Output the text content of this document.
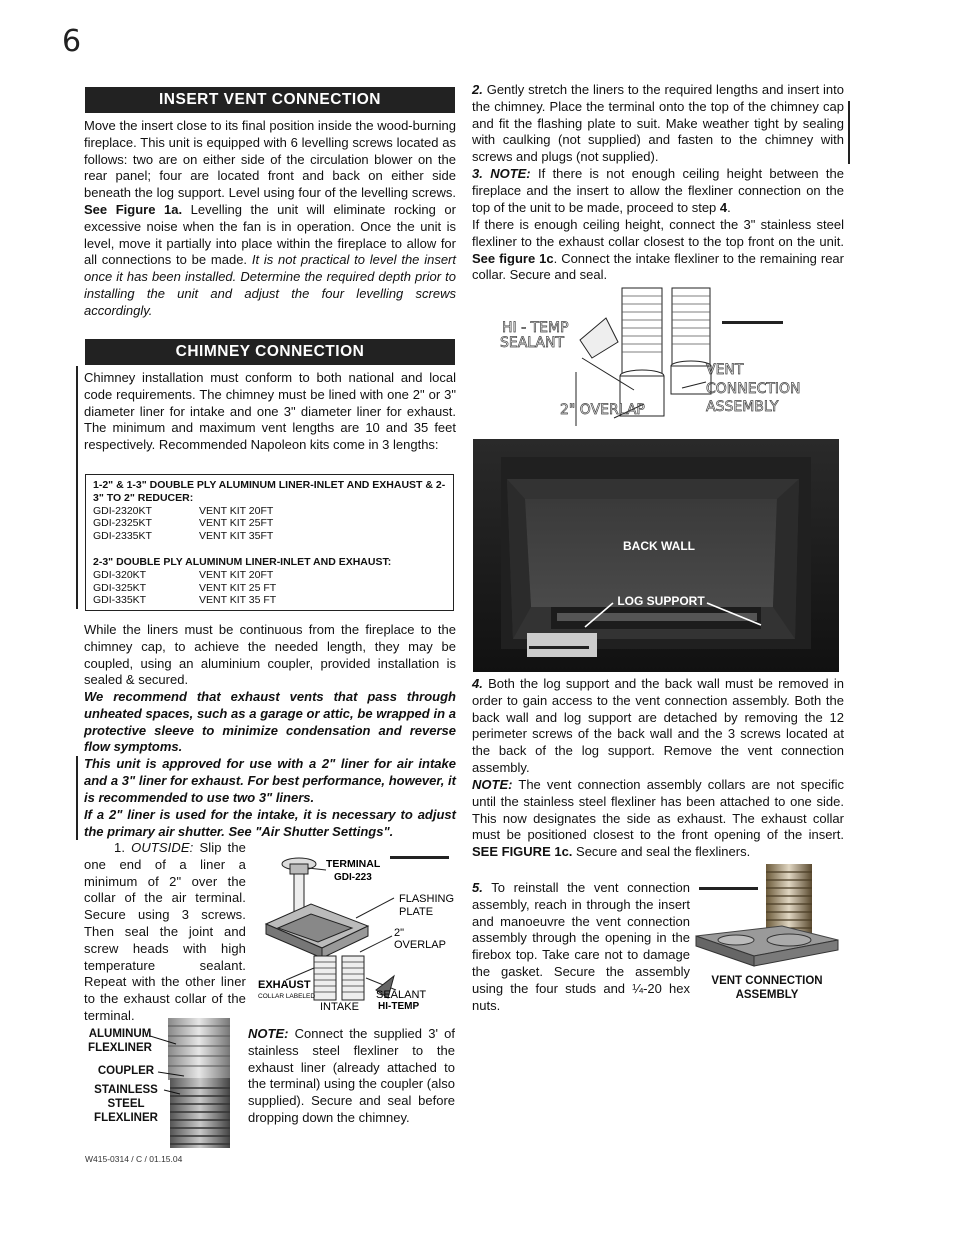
6
INSERT VENT CONNECTION
Move the insert close to its final position inside the wood-burning fireplace. This unit is equipped with 6 levelling screws located as follows: two are on either side of the circulation blower on the rear panel; four are located front and back on either side beneath the log support. Level using four of the levelling screws. See Figure 1a. Levelling the unit will eliminate rocking or excessive noise when the fan is in operation. Once the unit is level, move it partially into place within the fireplace to allow for all connections to be made. It is not practical to level the insert once it has been installed. Determine the required depth prior to installing the unit and adjust the four levelling screws accordingly.
CHIMNEY CONNECTION
Chimney installation must conform to both national and local code requirements. The chimney must be lined with one 2" or 3" diameter liner for intake and one 3" diameter liner for exhaust. The minimum and maximum vent lengths are 10 and 35 feet respectively. Recommended Napoleon kits come in 3 lengths:
1-2" & 1-3" DOUBLE PLY ALUMINUM LINER-INLET AND EXHAUST & 2-3" TO 2" REDUCER:
GDI-2320KT	VENT KIT 20FT
GDI-2325KT	VENT KIT 25FT
GDI-2335KT	VENT KIT 35FT
2-3" DOUBLE PLY ALUMINUM LINER-INLET AND EXHAUST:
GDI-320KT	VENT KIT 20FT
GDI-325KT	VENT KIT 25 FT
GDI-335KT	VENT KIT 35 FT
While the liners must be continuous from the fireplace to the chimney cap, to achieve the needed length, they may be coupled, using an aluminium coupler, provided installation is sealed & secured.
We recommend that exhaust vents that pass through unheated spaces, such as a garage or attic, be wrapped in a protective sleeve to minimize condensation and reverse flow symptoms.
This unit is approved for use with a 2" liner for air intake and a 3" liner for exhaust. For best performance, however, it is recommended to use two 3" liners.
If a 2" liner is used for the intake, it is necessary to adjust the primary air shutter. See "Air Shutter Settings".
1. OUTSIDE: Slip the one end of a liner a minimum of 2" over the collar of the air terminal. Secure using 3 screws. Then seal the joint and screw heads with high temperature sealant. Repeat with the other liner to the exhaust collar of the terminal.
TERMINAL
GDI-223
FLASHING
PLATE
2"
OVERLAP
EXHAUST
COLLAR LABELED
INTAKE
SEALANT
HI-TEMP
ALUMINUM
FLEXLINER
COUPLER
STAINLESS
STEEL
FLEXLINER
NOTE: Connect the supplied 3' of stainless steel flexliner to the exhaust liner (already attached to the terminal) using the coupler (also supplied). Secure and seal before dropping down the chimney.
W415-0314 / C / 01.15.04
2. Gently stretch the liners to the required lengths and insert into the chimney. Place the terminal onto the top of the chimney cap and fit the flashing plate to suit. Make weather tight by sealing with caulking (not supplied) and fasten to the chimney with screws and plugs (not supplied).
3. NOTE: If there is not enough ceiling height between the fireplace and the insert to allow the flexliner connection on the top of the unit to be made, proceed to step 4.
If there is enough ceiling height, connect the 3" stainless steel flexliner to the exhaust collar closest to the top front on the unit. See figure 1c. Connect the intake flexliner to the remaining rear collar. Secure and seal.
HI - TEMP
SEALANT
2" OVERLAP
VENT
CONNECTION
ASSEMBLY
BACK WALL
LOG SUPPORT
4. Both the log support and the back wall must be removed in order to gain access to the vent connection assembly. Both the back wall and log support are detached by removing the 12 perimeter screws of the back wall and the 3 screws located at the back of the log support. Remove the vent connection assembly.
NOTE: The vent connection assembly collars are not specific until the stainless steel flexliner has been attached to one side. This now designates the side as exhaust. The exhaust collar must be positioned closest to the front opening of the insert. SEE FIGURE 1c. Secure and seal the flexliners.
5. To reinstall the vent connection assembly, reach in through the insert and manoeuvre the vent connection assembly through the opening in the firebox top. Take care not to damage the gasket. Secure the assembly using the four studs and ¼-20 hex nuts.
VENT CONNECTION
ASSEMBLY
